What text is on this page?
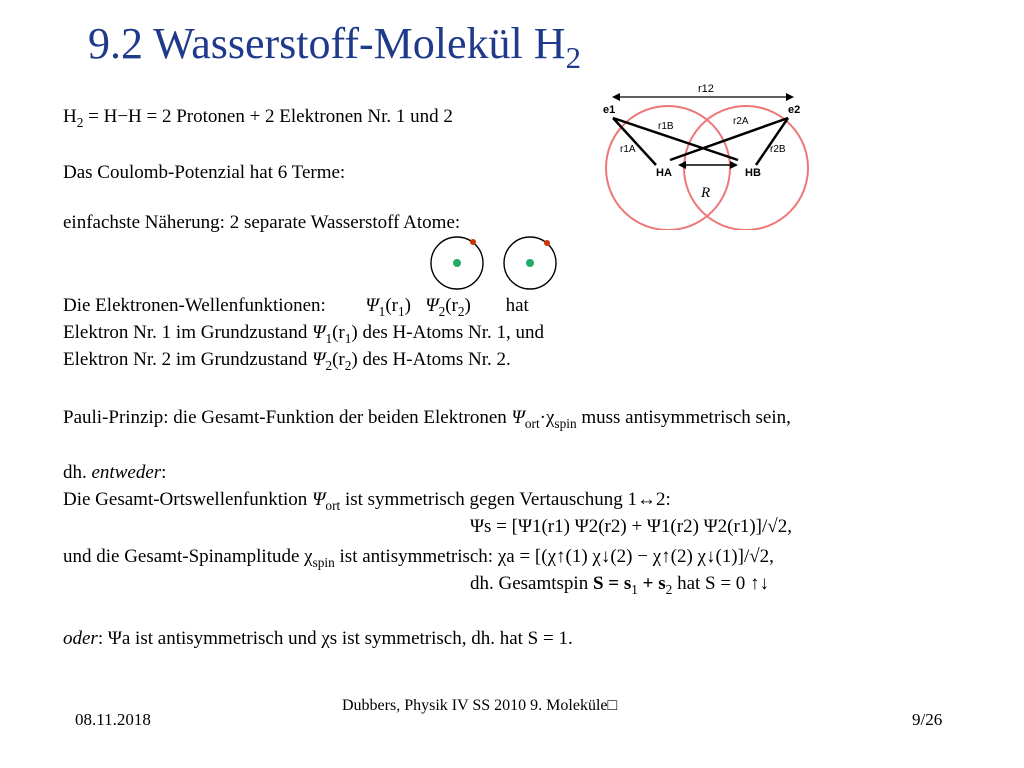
9.2 Wasserstoff-Molekül $H_2$
$H_2 = H-H = 2$ Protonen + 2 Elektronen Nr. 1 und 2
Das Coulomb-Potenzial hat 6 Terme:
einfachste Näherung: 2 separate Wasserstoff Atome:
Die Elektronen-Wellenfunktionen: $\Psi_1(r_1)$ $\Psi_2(r_2)$ hat
Elektron Nr. 1 im Grundzustand $\Psi_1(r_1)$ des H-Atoms Nr. 1, und
Elektron Nr. 2 im Grundzustand $\Psi_2(r_2)$ des H-Atoms Nr. 2.
Pauli-Prinzip: die Gesamt-Funktion der beiden Elektronen $\Psi_{ort}\cdot\chi_{spin}$ muss antisymmetrisch sein,
dh. entweder:
Die Gesamt-Ortswellenfunktion $\Psi_{ort}$ ist symmetrisch gegen Vertauschung 1↔2:
Ψs = [Ψ1(r1) Ψ2(r2) + Ψ1(r2) Ψ2(r1)]/√2,
und die Gesamt-Spinamplitude $\chi_{spin}$ ist antisymmetrisch: χa = [(χ↑(1) χ↓(2) − χ↑(2) χ↓(1)]/√2,
dh. Gesamtspin $S = s_1 + s_2$ hat S = 0 ↑↓
oder: Ψa ist antisymmetrisch und χs ist symmetrisch, dh. hat S = 1.
r12
e1	e2
r1B	r2A
r1A	r2B
HA	HB
R
08.11.2018
Dubbers, Physik IV SS 2010 9. Moleküle□
9/26
